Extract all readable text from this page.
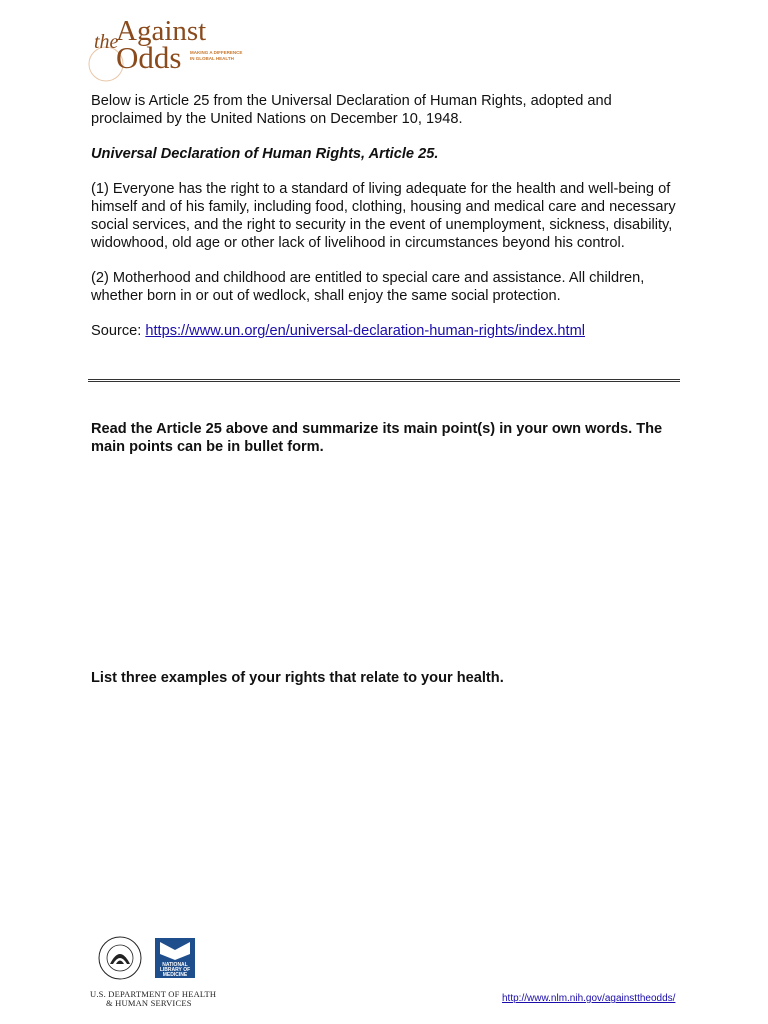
the
Against
Odds MAKING A DIFFERENCE
IN GLOBAL HEALTH

Below is Article 25 from the Universal Declaration of Human Rights, adopted and proclaimed by the United Nations on December 10, 1948.

Universal Declaration of Human Rights, Article 25.

(1) Everyone has the right to a standard of living adequate for the health and well-being of himself and of his family, including food, clothing, housing and medical care and necessary social services, and the right to security in the event of unemployment, sickness, disability, widowhood, old age or other lack of livelihood in circumstances beyond his control.

(2) Motherhood and childhood are entitled to special care and assistance. All children, whether born in or out of wedlock, shall enjoy the same social protection.

Source: https://www.un.org/en/universal-declaration-human-rights/index.html

Read the Article 25 above and summarize its main point(s) in your own words. The main points can be in bullet form.

List three examples of your rights that relate to your health.

NATIONAL
LIBRARY OF
MEDICINE
U.S. DEPARTMENT OF HEALTH
& HUMAN SERVICES	http://www.nlm.nih.gov/againsttheodds/
